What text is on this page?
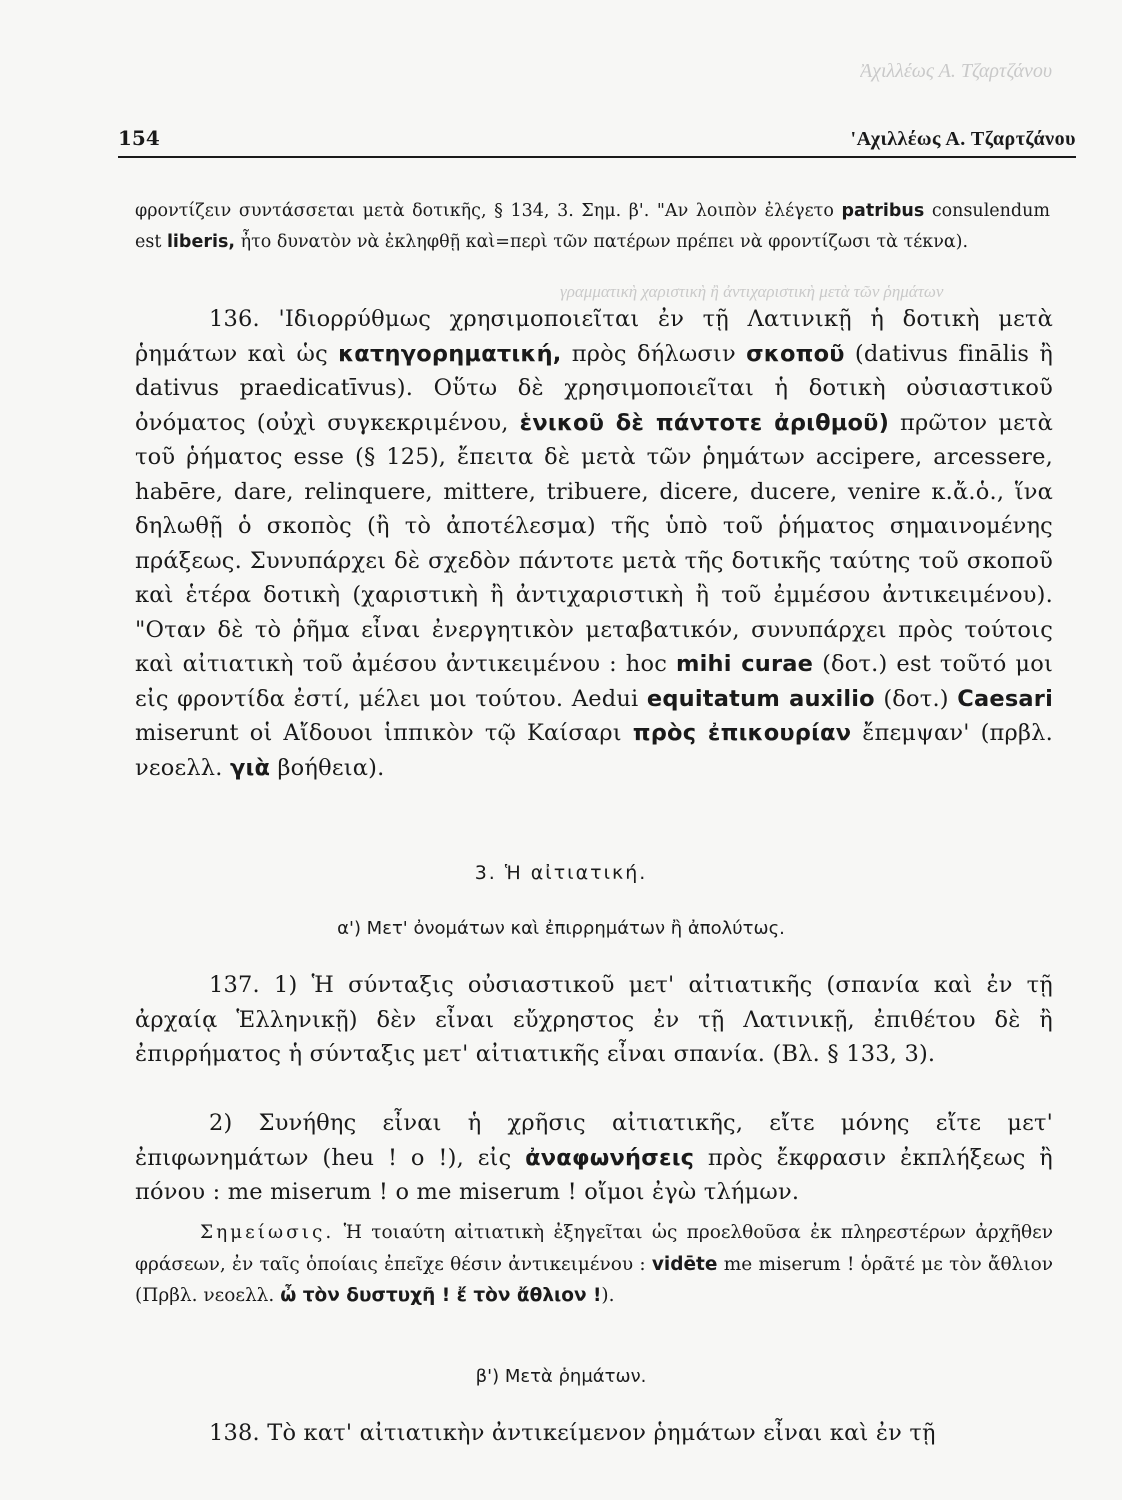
Ἀχιλλέως Α. Τζαρτζάνου
γραμματικὴ χαριστικὴ ἢ ἀντιχαριστικὴ μετὰ τῶν ῥημάτων
154	'Αχιλλέως Α. Τζαρτζάνου

φροντίζειν συντάσσεται μετὰ δοτικῆς, § 134, 3. Σημ. β'. "Αν λοιπὸν ἐλέγετο patribus consulendum est liberis, ἦτο δυνατὸν νὰ ἐκληφθῇ καὶ=περὶ τῶν πατέρων πρέπει νὰ φροντίζωσι τὰ τέκνα).

136. 'Ιδιορρύθμως χρησιμοποιεῖται ἐν τῇ Λατινικῇ ἡ δοτικὴ μετὰ ῥημάτων καὶ ὡς κατηγορηματική, πρὸς δήλωσιν σκοποῦ (dativus finālis ἢ dativus praedicatīvus). Οὕτω δὲ χρησιμοποιεῖται ἡ δοτικὴ οὐσιαστικοῦ ὀνόματος (οὐχὶ συγκεκριμένου, ἑνικοῦ δὲ πάντοτε ἀριθμοῦ) πρῶτον μετὰ τοῦ ῥήματος esse (§ 125), ἔπειτα δὲ μετὰ τῶν ῥημάτων accipere, arcessere, habēre, dare, relinquere, mittere, tribuere, dicere, ducere, venire κ.ἄ.ὁ., ἵνα δηλωθῇ ὁ σκοπὸς (ἢ τὸ ἀποτέλεσμα) τῆς ὑπὸ τοῦ ῥήματος σημαινομένης πράξεως. Συνυπάρχει δὲ σχεδὸν πάντοτε μετὰ τῆς δοτικῆς ταύτης τοῦ σκοποῦ καὶ ἑτέρα δοτικὴ (χαριστικὴ ἢ ἀντιχαριστικὴ ἢ τοῦ ἐμμέσου ἀντικειμένου). "Οταν δὲ τὸ ῥῆμα εἶναι ἐνεργητικὸν μεταβατικόν, συνυπάρχει πρὸς τούτοις καὶ αἰτιατικὴ τοῦ ἀμέσου ἀντικειμένου : hoc mihi curae (δοτ.) est τοῦτό μοι εἰς φροντίδα ἐστί, μέλει μοι τούτου. Aedui equitatum auxilio (δοτ.) Caesari miserunt οἱ Αἴδουοι ἱππικὸν τῷ Καίσαρι πρὸς ἐπικουρίαν ἔπεμψαν' (πρβλ. νεοελλ. γιὰ βοήθεια).

3. Ἡ αἰτιατική.
α') Μετ' ὀνομάτων καὶ ἐπιρρημάτων ἢ ἀπολύτως.

137. 1) Ἡ σύνταξις οὐσιαστικοῦ μετ' αἰτιατικῆς (σπανία καὶ ἐν τῇ ἀρχαίᾳ Ἑλληνικῇ) δὲν εἶναι εὔχρηστος ἐν τῇ Λατινικῇ, ἐπιθέτου δὲ ἢ ἐπιρρήματος ἡ σύνταξις μετ' αἰτιατικῆς εἶναι σπανία. (Βλ. § 133, 3).

2) Συνήθης εἶναι ἡ χρῆσις αἰτιατικῆς, εἴτε μόνης εἴτε μετ' ἐπιφωνημάτων (heu ! o !), εἰς ἀναφωνήσεις πρὸς ἔκφρασιν ἐκπλήξεως ἢ πόνου : me miserum ! o me miserum ! οἴμοι ἐγὼ τλήμων.

Σημείωσις. Ἡ τοιαύτη αἰτιατικὴ ἐξηγεῖται ὡς προελθοῦσα ἐκ πληρεστέρων ἀρχῆθεν φράσεων, ἐν ταῖς ὁποίαις ἐπεῖχε θέσιν ἀντικειμένου : vidēte me miserum ! ὁρᾶτέ με τὸν ἄθλιον (Πρβλ. νεοελλ. ὦ τὸν δυστυχῆ ! ἔ τὸν ἄθλιον !).
β') Μετὰ ῥημάτων.

138. Τὸ κατ' αἰτιατικὴν ἀντικείμενον ῥημάτων εἶναι καὶ ἐν τῇ
